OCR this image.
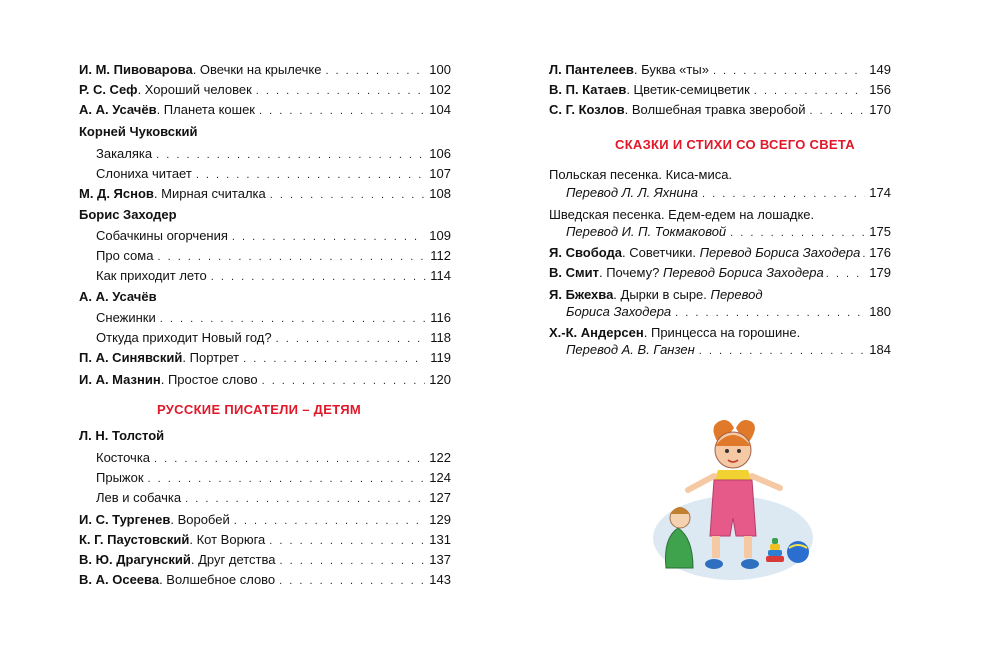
И. М. Пивоварова. Овечки на крылечке . . .	100
Р. С. Сеф. Хороший человек . . .	102
А. А. Усачёв. Планета кошек . . .	104
Корней Чуковский
Закаляка . . .	106
Слониха читает . . .	107
М. Д. Яснов. Мирная считалка . . .	108
Борис Заходер
Собачкины огорчения . . .	109
Про сома . . .	112
Как приходит лето . . .	114
А. А. Усачёв
Снежинки . . .	116
Откуда приходит Новый год? . . .	118
П. А. Синявский. Портрет . . .	119
И. А. Мазнин. Простое слово . . .	120
РУССКИЕ ПИСАТЕЛИ – ДЕТЯМ
Л. Н. Толстой
Косточка . . .	122
Прыжок . . .	124
Лев и собачка . . .	127
И. С. Тургенев. Воробей . . .	129
К. Г. Паустовский. Кот Ворюга . . .	131
В. Ю. Драгунский. Друг детства . . .	137
В. А. Осеева. Волшебное слово . . .	143
Л. Пантелеев. Буква «ты» . . .	149
В. П. Катаев. Цветик-семицветик . . .	156
С. Г. Козлов. Волшебная травка зверобой . . .	170
СКАЗКИ И СТИХИ СО ВСЕГО СВЕТА
Польская песенка. Киса-миса.
Перевод Л. Л. Яхнина . . .	174
Шведская песенка. Едем-едем на лошадке.
Перевод И. П. Токмаковой . . .	175
Я. Свобода. Советчики. Перевод Бориса Заходера . . . 176
В. Смит. Почему? Перевод Бориса Заходера . . .	179
Я. Бжехва. Дырки в сыре. Перевод
Бориса Заходера . . .	180
Х.-К. Андерсен. Принцесса на горошине.
Перевод А. В. Ганзен . . .	184
